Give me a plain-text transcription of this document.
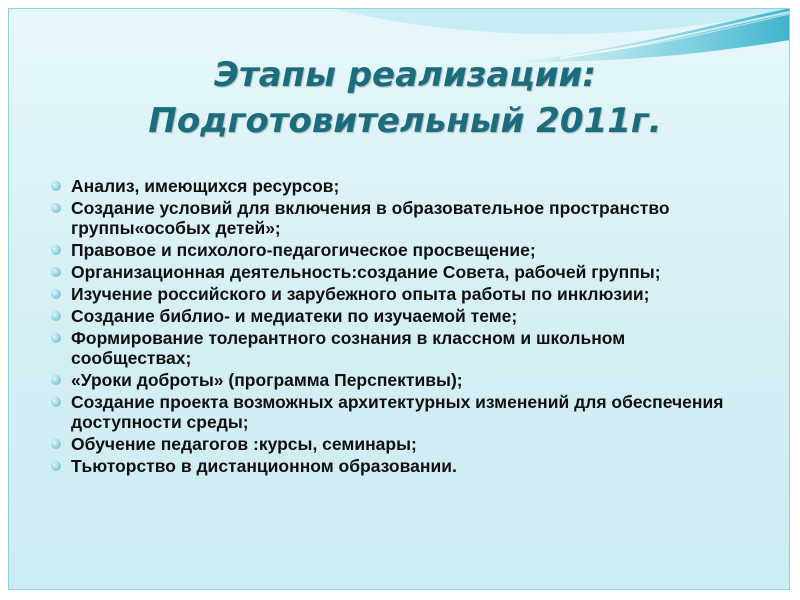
Этапы реализации:
Подготовительный 2011г.
Анализ, имеющихся ресурсов;
Создание условий для включения в образовательное пространство группы«особых детей»;
Правовое и психолого-педагогическое просвещение;
Организационная деятельность:создание Совета, рабочей группы;
Изучение российского и зарубежного опыта работы по инклюзии;
Создание библио- и медиатеки по изучаемой теме;
Формирование толерантного сознания в классном и школьном сообществах;
«Уроки доброты» (программа Перспективы);
Создание проекта возможных архитектурных изменений для обеспечения доступности среды;
Обучение педагогов :курсы, семинары;
Тьюторство в дистанционном образовании.
